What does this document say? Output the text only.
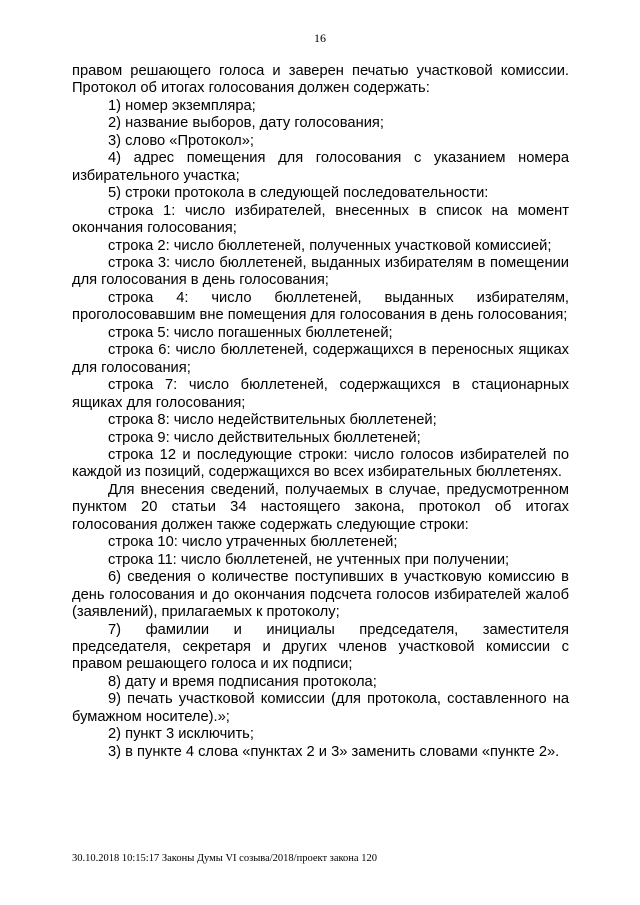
16

правом решающего голоса и заверен печатью участковой комиссии. Протокол об итогах голосования должен содержать:

1) номер экземпляра;

2) название выборов, дату голосования;

3) слово «Протокол»;

4) адрес помещения для голосования с указанием номера избирательного участка;

5) строки протокола в следующей последовательности:

строка 1: число избирателей, внесенных в список на момент окончания голосования;

строка 2: число бюллетеней, полученных участковой комиссией;

строка 3: число бюллетеней, выданных избирателям в помещении для голосования в день голосования;

строка 4: число бюллетеней, выданных избирателям, проголосовавшим вне помещения для голосования в день голосования;

строка 5: число погашенных бюллетеней;

строка 6: число бюллетеней, содержащихся в переносных ящиках для голосования;

строка 7: число бюллетеней, содержащихся в стационарных ящиках для голосования;

строка 8: число недействительных бюллетеней;

строка 9: число действительных бюллетеней;

строка 12 и последующие строки: число голосов избирателей по каждой из позиций, содержащихся во всех избирательных бюллетенях.

Для внесения сведений, получаемых в случае, предусмотренном пунктом 20 статьи 34 настоящего закона, протокол об итогах голосования должен также содержать следующие строки:

строка 10: число утраченных бюллетеней;

строка 11: число бюллетеней, не учтенных при получении;

6) сведения о количестве поступивших в участковую комиссию в день голосования и до окончания подсчета голосов избирателей жалоб (заявлений), прилагаемых к протоколу;

7) фамилии и инициалы председателя, заместителя председателя, секретаря и других членов участковой комиссии с правом решающего голоса и их подписи;

8) дату и время подписания протокола;

9) печать участковой комиссии (для протокола, составленного на бумажном носителе).»;

2) пункт 3 исключить;

3) в пункте 4 слова «пунктах 2 и 3» заменить словами «пункте 2».

30.10.2018 10:15:17 Законы Думы VI созыва/2018/проект закона 120
